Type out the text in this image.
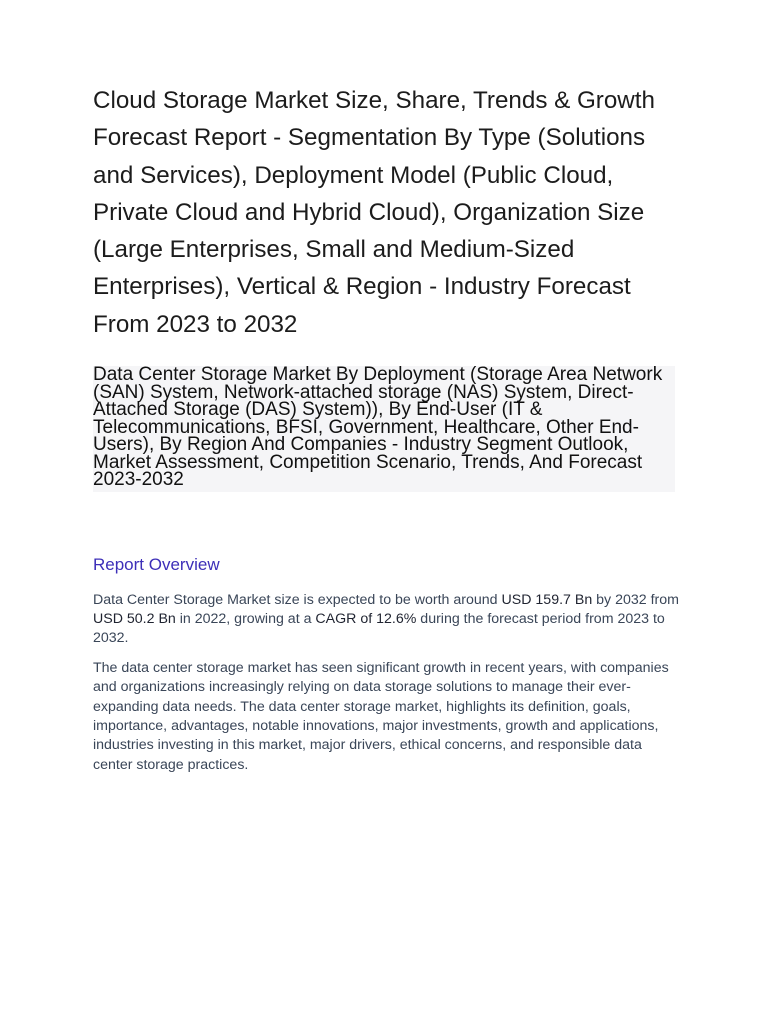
Cloud Storage Market Size, Share, Trends & Growth Forecast Report - Segmentation By Type (Solutions and Services), Deployment Model (Public Cloud, Private Cloud and Hybrid Cloud), Organization Size (Large Enterprises, Small and Medium-Sized Enterprises), Vertical & Region - Industry Forecast From 2023 to 2032
Data Center Storage Market By Deployment (Storage Area Network (SAN) System, Network-attached storage (NAS) System, Direct-Attached Storage (DAS) System)), By End-User (IT & Telecommunications, BFSI, Government, Healthcare, Other End-Users), By Region And Companies - Industry Segment Outlook, Market Assessment, Competition Scenario, Trends, And Forecast 2023-2032
Report Overview

Data Center Storage Market size is expected to be worth around USD 159.7 Bn by 2032 from USD 50.2 Bn in 2022, growing at a CAGR of 12.6% during the forecast period from 2023 to 2032.

The data center storage market has seen significant growth in recent years, with companies and organizations increasingly relying on data storage solutions to manage their ever-expanding data needs. The data center storage market, highlights its definition, goals, importance, advantages, notable innovations, major investments, growth and applications, industries investing in this market, major drivers, ethical concerns, and responsible data center storage practices.
